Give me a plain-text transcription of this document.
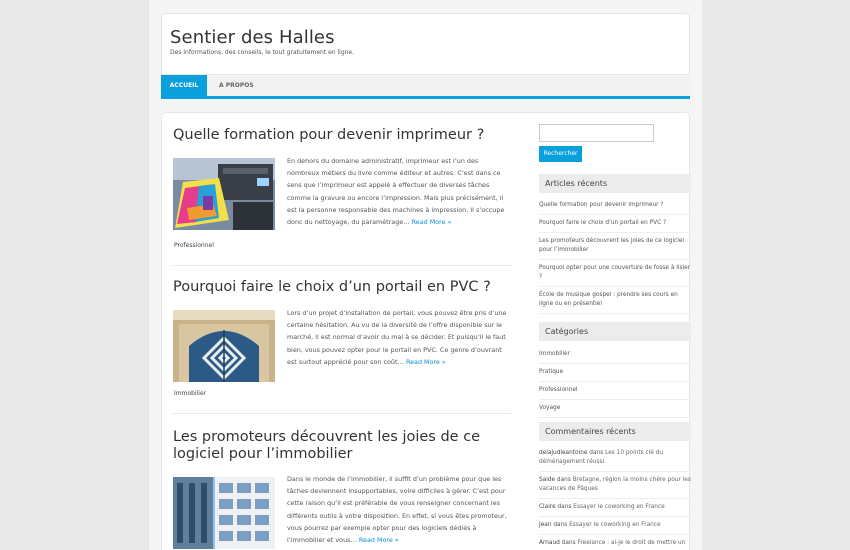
Sentier des Halles
Des informations, des conseils, le tout gratuitement en ligne.
ACCUEIL	A PROPOS
Quelle formation pour devenir imprimeur ?
En dehors du domaine administratif, imprimeur est l’un des nombreux métiers du livre comme éditeur et autres. C’est dans ce sens que l’imprimeur est appelé à effectuer de diverses tâches comme la gravure ou encore l’impression. Mais plus précisément, il est la personne responsable des machines à impression. Il s’occupe donc du nettoyage, du paramétrage… Read More »
Professionnel
Pourquoi faire le choix d’un portail en PVC ?
Lors d’un projet d’installation de portail, vous pouvez être pris d’une certaine hésitation. Au vu de la diversité de l’offre disponible sur le marché, il est normal d’avoir du mal à se décider. Et puisqu’il le faut bien, vous pouvez opter pour le portail en PVC. Ce genre d’ouvrant est surtout apprécié pour son coût… Read More »
Immobilier
Les promoteurs découvrent les joies de ce logiciel pour l’immobilier
Dans le monde de l’immobilier, il suffit d’un problème pour que les tâches deviennent insupportables, voire difficiles à gérer. C’est pour cette raison qu’il est préférable de vous renseigner concernant les différents outils à votre disposition. En effet, si vous êtes promoteur, vous pourrez par exemple opter pour des logiciels dédiés à l’immobilier et vous… Read More »
Rechercher
Articles récents
Quelle formation pour devenir imprimeur ?
Pourquoi faire le choix d’un portail en PVC ?
Les promoteurs découvrent les joies de ce logiciel pour l’immobilier
Pourquoi opter pour une couverture de fosse à lisier ?
École de musique gospel : prendre ses cours en ligne ou en présentiel
Catégories
Immobilier
Pratique
Professionnel
Voyage
Commentaires récents
delajudleantoine dans Les 10 points clé du déménagement réussi.
Saide dans Bretagne, région la moins chère pour les vacances de Pâques
Claire dans Essayer le coworking en France
Jean dans Essayer le coworking en France
Arnaud dans Freelance : ai-je le droit de mettre un
